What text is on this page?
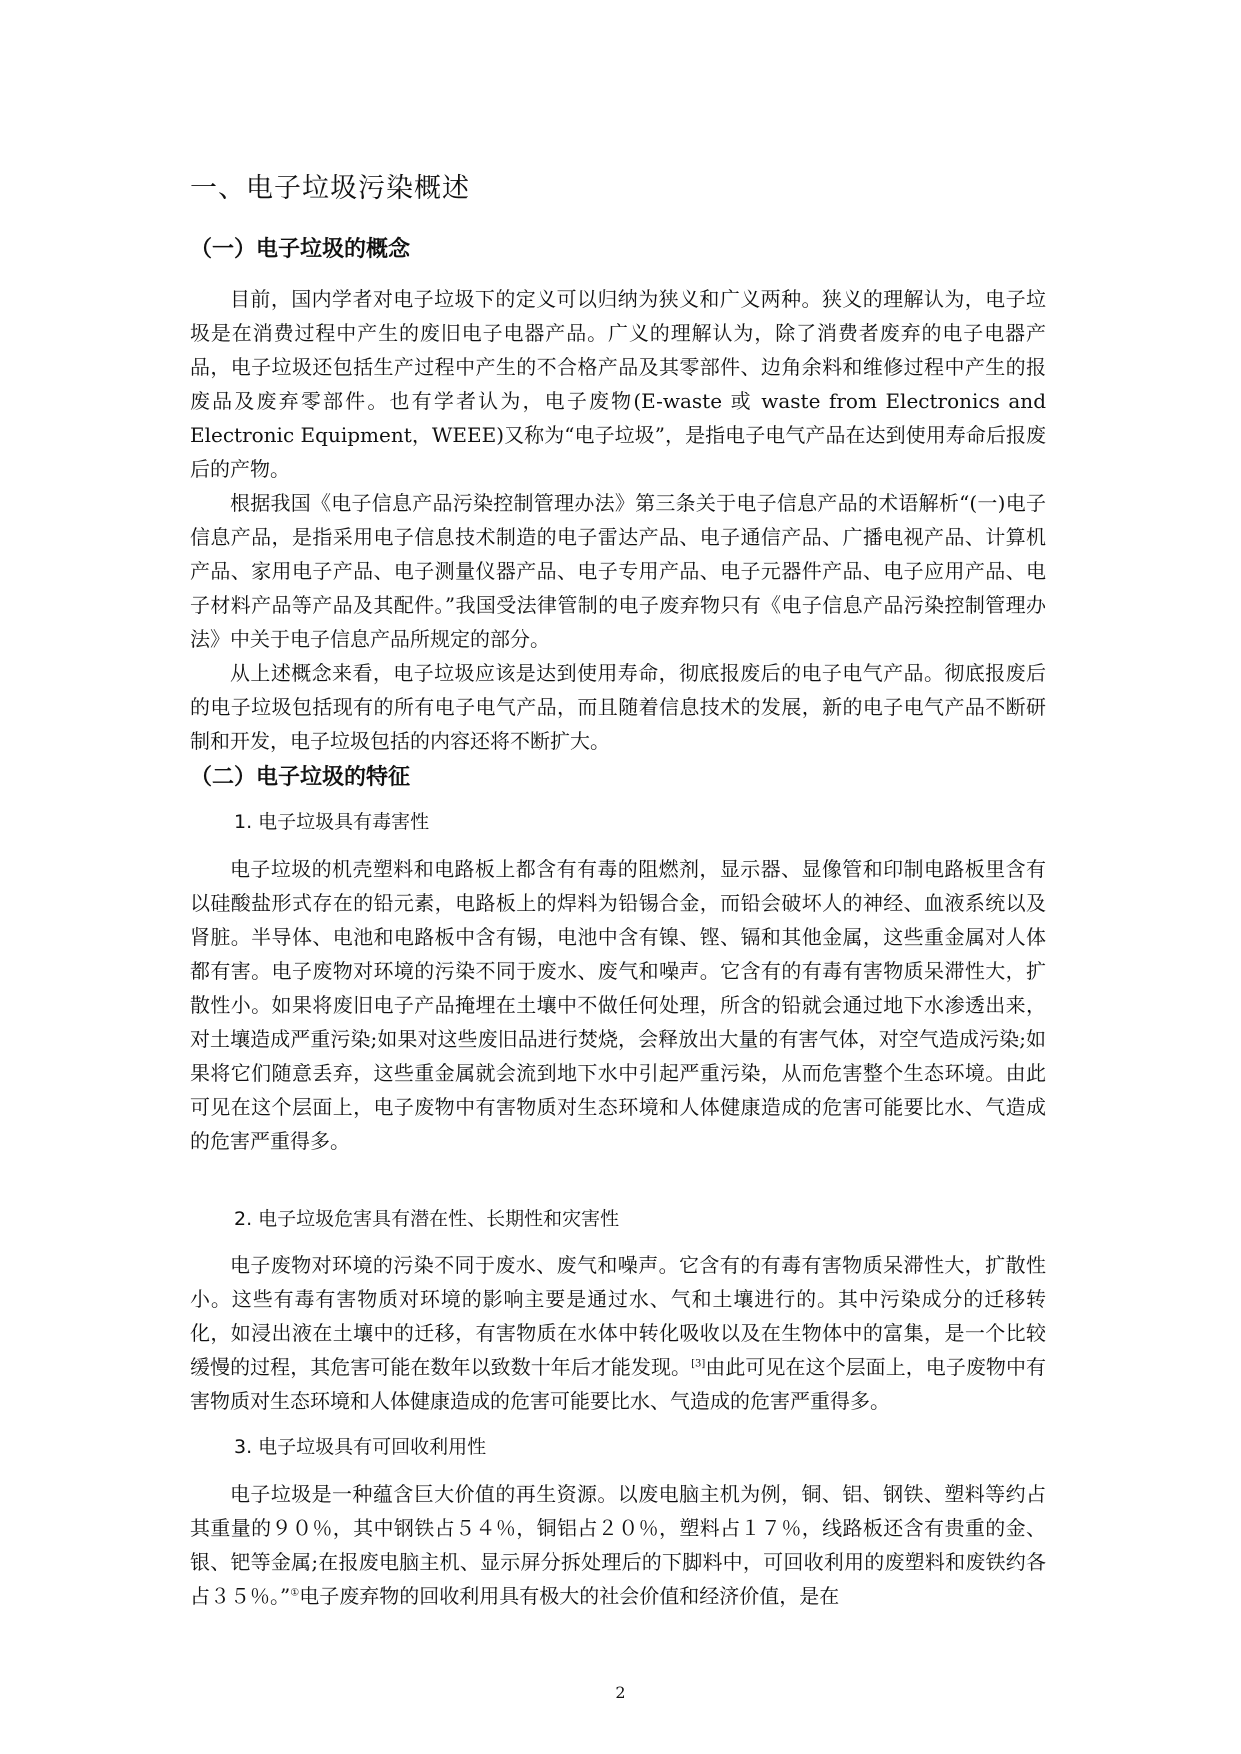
一、电子垃圾污染概述
（一）电子垃圾的概念

目前，国内学者对电子垃圾下的定义可以归纳为狭义和广义两种。狭义的理解认为，电子垃圾是在消费过程中产生的废旧电子电器产品。广义的理解认为，除了消费者废弃的电子电器产品，电子垃圾还包括生产过程中产生的不合格产品及其零部件、边角余料和维修过程中产生的报废品及废弃零部件。也有学者认为，电子废物(E-waste 或 waste from Electronics and Electronic Equipment，WEEE)又称为“电子垃圾”，是指电子电气产品在达到使用寿命后报废后的产物。

根据我国《电子信息产品污染控制管理办法》第三条关于电子信息产品的术语解析“(一)电子信息产品，是指采用电子信息技术制造的电子雷达产品、电子通信产品、广播电视产品、计算机产品、家用电子产品、电子测量仪器产品、电子专用产品、电子元器件产品、电子应用产品、电子材料产品等产品及其配件。”我国受法律管制的电子废弃物只有《电子信息产品污染控制管理办法》中关于电子信息产品所规定的部分。

从上述概念来看，电子垃圾应该是达到使用寿命，彻底报废后的电子电气产品。彻底报废后的电子垃圾包括现有的所有电子电气产品，而且随着信息技术的发展，新的电子电气产品不断研制和开发，电子垃圾包括的内容还将不断扩大。

（二）电子垃圾的特征
1. 电子垃圾具有毒害性

电子垃圾的机壳塑料和电路板上都含有有毒的阻燃剂，显示器、显像管和印制电路板里含有以硅酸盐形式存在的铅元素，电路板上的焊料为铅锡合金，而铅会破坏人的神经、血液系统以及肾脏。半导体、电池和电路板中含有锡，电池中含有镍、铿、镉和其他金属，这些重金属对人体都有害。电子废物对环境的污染不同于废水、废气和噪声。它含有的有毒有害物质呆滞性大，扩散性小。如果将废旧电子产品掩埋在土壤中不做任何处理，所含的铅就会通过地下水渗透出来，对土壤造成严重污染;如果对这些废旧品进行焚烧，会释放出大量的有害气体，对空气造成污染;如果将它们随意丢弃，这些重金属就会流到地下水中引起严重污染，从而危害整个生态环境。由此可见在这个层面上，电子废物中有害物质对生态环境和人体健康造成的危害可能要比水、气造成的危害严重得多。

2. 电子垃圾危害具有潜在性、长期性和灾害性

电子废物对环境的污染不同于废水、废气和噪声。它含有的有毒有害物质呆滞性大，扩散性小。这些有毒有害物质对环境的影响主要是通过水、气和土壤进行的。其中污染成分的迁移转化，如浸出液在土壤中的迁移，有害物质在水体中转化吸收以及在生物体中的富集，是一个比较缓慢的过程，其危害可能在数年以致数十年后才能发现。[3]由此可见在这个层面上，电子废物中有害物质对生态环境和人体健康造成的危害可能要比水、气造成的危害严重得多。

3. 电子垃圾具有可回收利用性

电子垃圾是一种蕴含巨大价值的再生资源。以废电脑主机为例，铜、铝、钢铁、塑料等约占其重量的９０％，其中钢铁占５４％，铜铝占２０％，塑料占１７％，线路板还含有贵重的金、银、钯等金属;在报废电脑主机、显示屏分拆处理后的下脚料中，可回收利用的废塑料和废铁约各占３５％。”①电子废弃物的回收利用具有极大的社会价值和经济价值，是在

2
